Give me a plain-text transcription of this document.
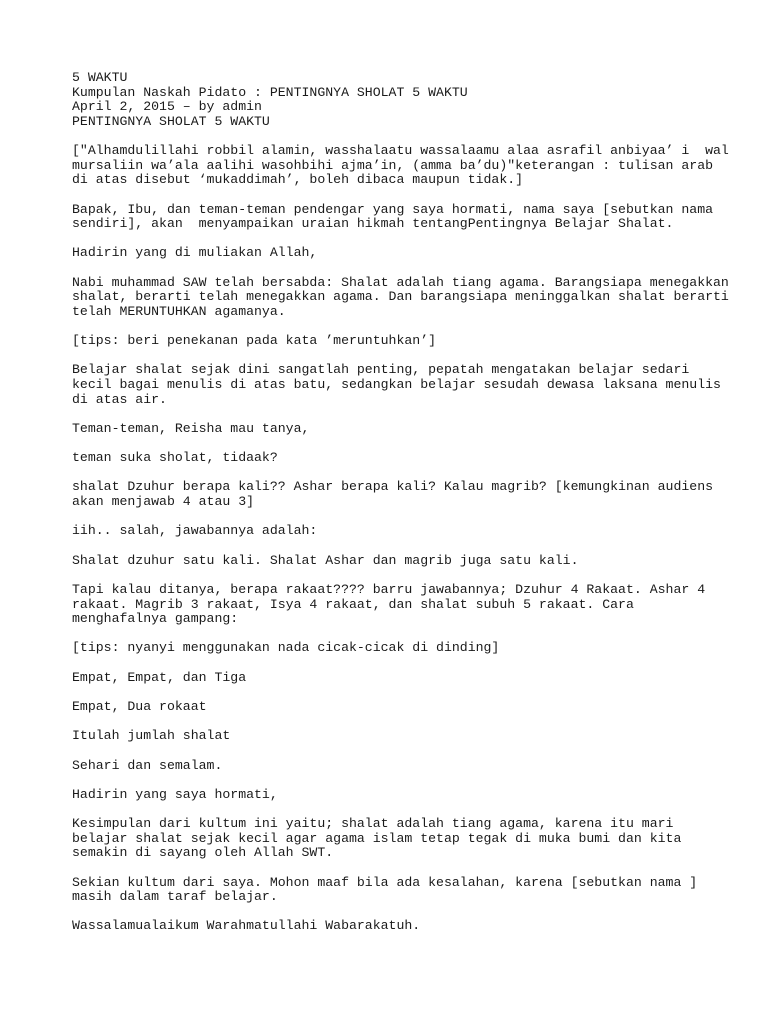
5 WAKTU
Kumpulan Naskah Pidato : PENTINGNYA SHOLAT 5 WAKTU
April 2, 2015 – by admin
PENTINGNYA SHOLAT 5 WAKTU
["Alhamdulillahi robbil alamin, wasshalaatu wassalaamu alaa asrafil anbiyaa’ i  wal
mursaliin wa’ala aalihi wasohbihi ajma’in, (amma ba’du)"keterangan : tulisan arab
di atas disebut ‘mukaddimah’, boleh dibaca maupun tidak.]
Bapak, Ibu, dan teman-teman pendengar yang saya hormati, nama saya [sebutkan nama
sendiri], akan  menyampaikan uraian hikmah tentangPentingnya Belajar Shalat.
Hadirin yang di muliakan Allah,
Nabi muhammad SAW telah bersabda: Shalat adalah tiang agama. Barangsiapa menegakkan
shalat, berarti telah menegakkan agama. Dan barangsiapa meninggalkan shalat berarti
telah MERUNTUHKAN agamanya.
[tips: beri penekanan pada kata ’meruntuhkan’]
Belajar shalat sejak dini sangatlah penting, pepatah mengatakan belajar sedari
kecil bagai menulis di atas batu, sedangkan belajar sesudah dewasa laksana menulis
di atas air.
Teman-teman, Reisha mau tanya,
teman suka sholat, tidaak?
shalat Dzuhur berapa kali?? Ashar berapa kali? Kalau magrib? [kemungkinan audiens
akan menjawab 4 atau 3]
iih.. salah, jawabannya adalah:
Shalat dzuhur satu kali. Shalat Ashar dan magrib juga satu kali.
Tapi kalau ditanya, berapa rakaat???? barru jawabannya; Dzuhur 4 Rakaat. Ashar 4
rakaat. Magrib 3 rakaat, Isya 4 rakaat, dan shalat subuh 5 rakaat. Cara
menghafalnya gampang:
[tips: nyanyi menggunakan nada cicak-cicak di dinding]
Empat, Empat, dan Tiga
Empat, Dua rokaat
Itulah jumlah shalat
Sehari dan semalam.
Hadirin yang saya hormati,
Kesimpulan dari kultum ini yaitu; shalat adalah tiang agama, karena itu mari
belajar shalat sejak kecil agar agama islam tetap tegak di muka bumi dan kita
semakin di sayang oleh Allah SWT.
Sekian kultum dari saya. Mohon maaf bila ada kesalahan, karena [sebutkan nama ]
masih dalam taraf belajar.
Wassalamualaikum Warahmatullahi Wabarakatuh.
